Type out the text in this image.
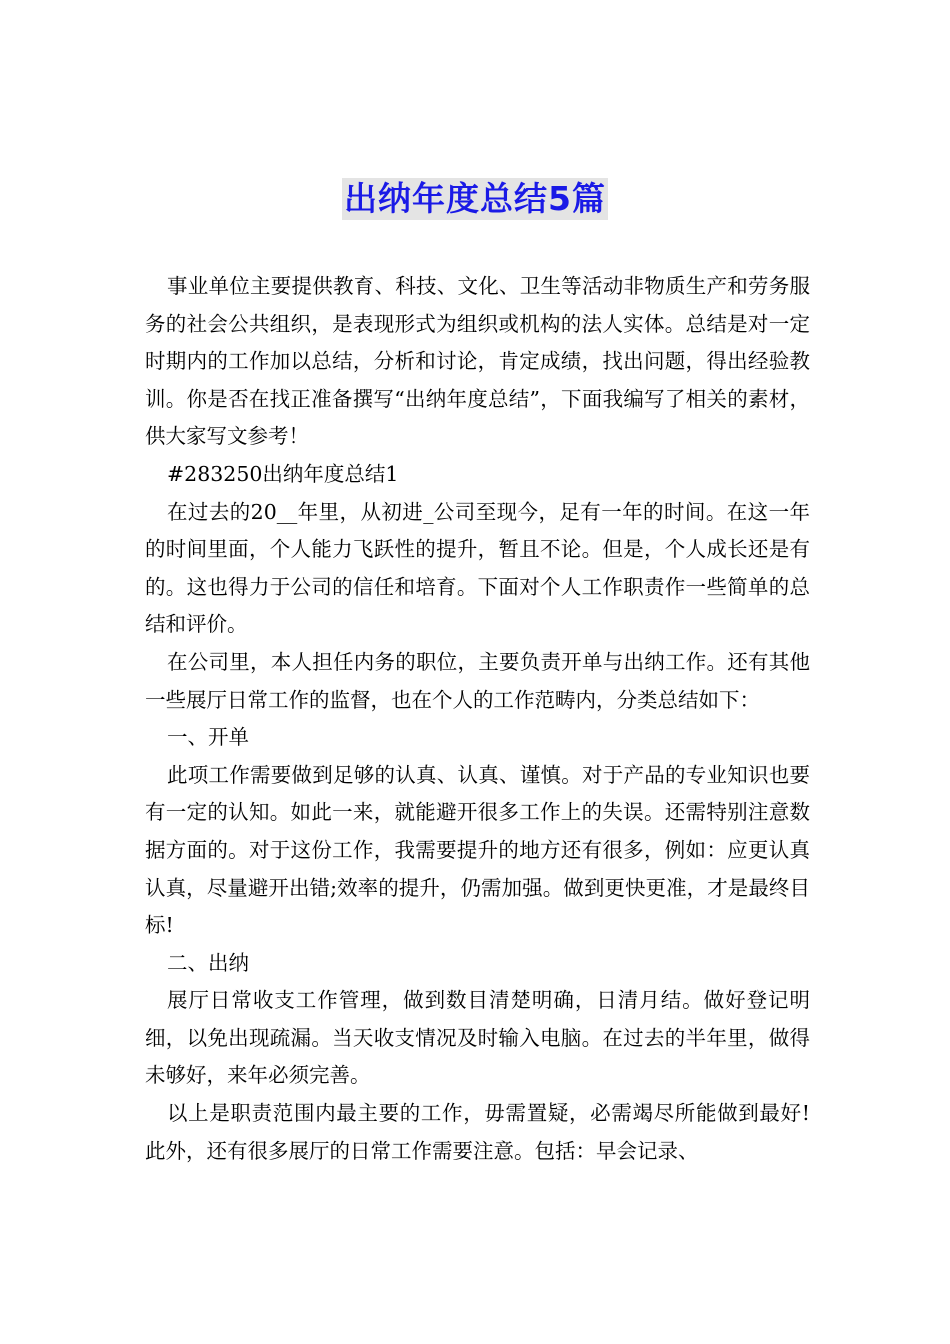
出纳年度总结5篇

事业单位主要提供教育、科技、文化、卫生等活动非物质生产和劳务服务的社会公共组织，是表现形式为组织或机构的法人实体。总结是对一定时期内的工作加以总结，分析和讨论，肯定成绩，找出问题，得出经验教训。你是否在找正准备撰写“出纳年度总结”，下面我编写了相关的素材，供大家写文参考！

#283250出纳年度总结1

在过去的20__年里，从初进_公司至现今，足有一年的时间。在这一年的时间里面，个人能力飞跃性的提升，暂且不论。但是，个人成长还是有的。这也得力于公司的信任和培育。下面对个人工作职责作一些简单的总结和评价。

在公司里，本人担任内务的职位，主要负责开单与出纳工作。还有其他一些展厅日常工作的监督，也在个人的工作范畴内，分类总结如下：

一、开单

此项工作需要做到足够的认真、认真、谨慎。对于产品的专业知识也要有一定的认知。如此一来，就能避开很多工作上的失误。还需特别注意数据方面的。对于这份工作，我需要提升的地方还有很多，例如：应更认真认真，尽量避开出错;效率的提升，仍需加强。做到更快更准，才是最终目标!

二、出纳

展厅日常收支工作管理，做到数目清楚明确，日清月结。做好登记明细，以免出现疏漏。当天收支情况及时输入电脑。在过去的半年里，做得未够好，来年必须完善。

以上是职责范围内最主要的工作，毋需置疑，必需竭尽所能做到最好!此外，还有很多展厅的日常工作需要注意。包括：早会记录、
